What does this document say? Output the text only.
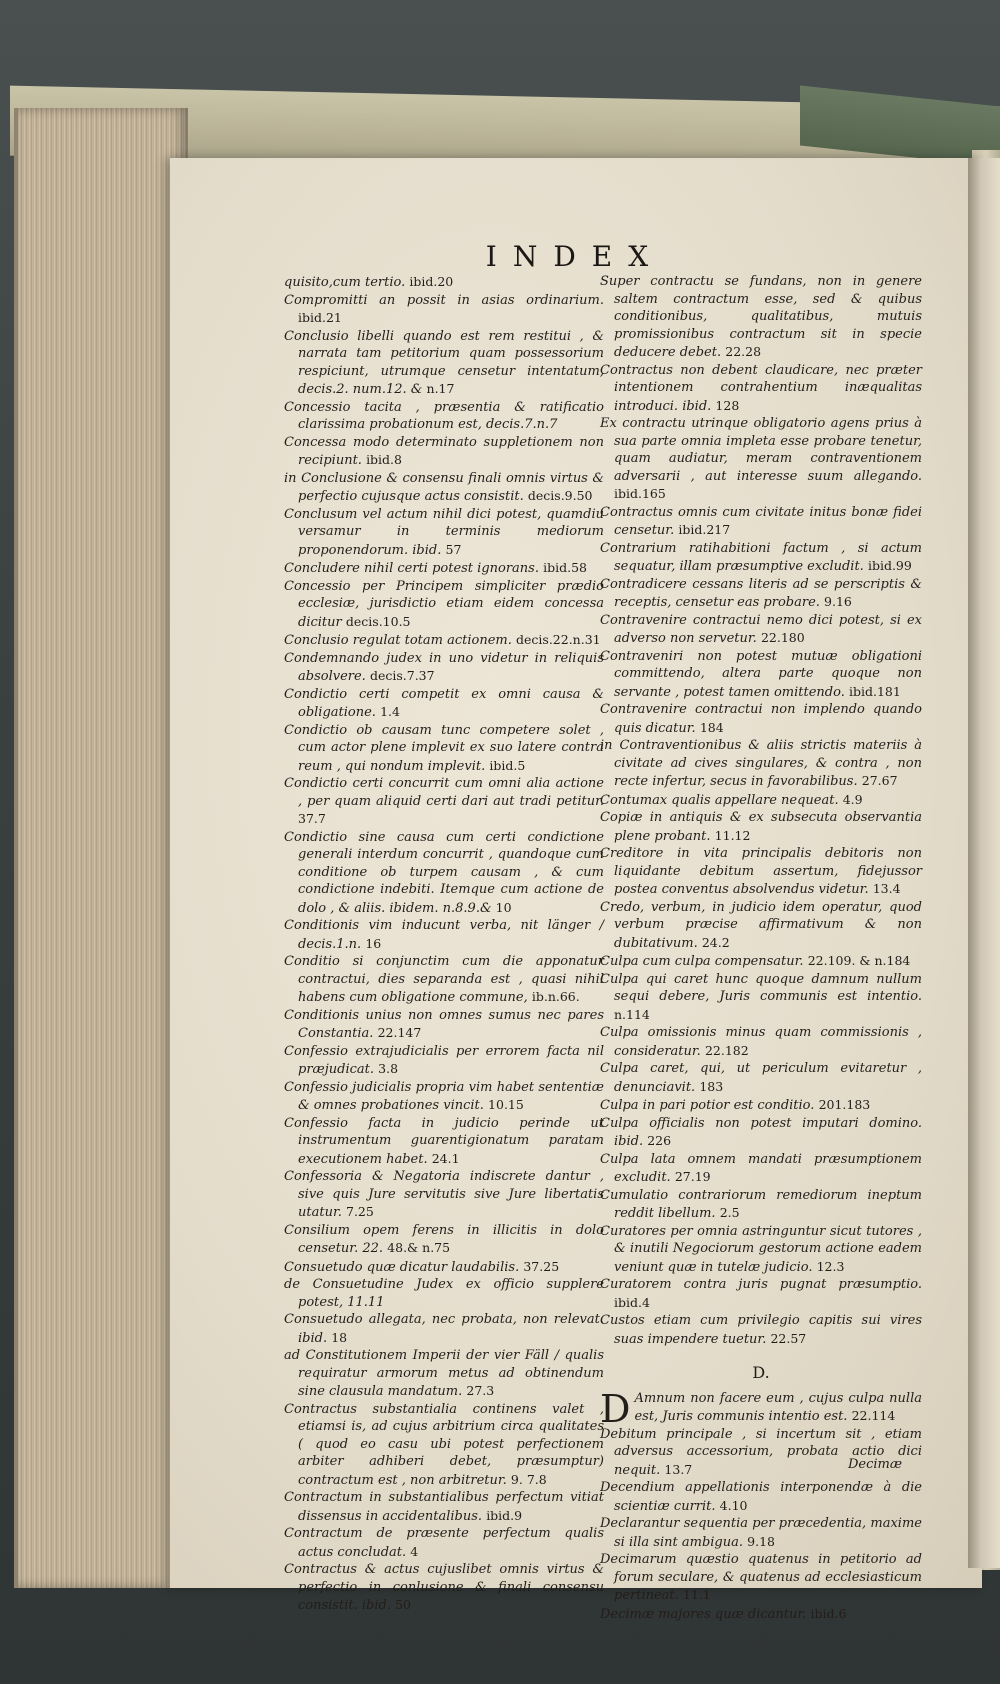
INDEX

quisito,cum tertio. ibid.20

Compromitti an possit in asias ordinarium. ibid.21

Conclusio libelli quando est rem restitui , & narrata tam petitorium quam possessorium respiciunt, utrumque censetur intentatum, decis.2. num.12. & n.17

Concessio tacita , præsentia & ratificatio clarissima probationum est, decis.7.n.7

Concessa modo determinato suppletionem non recipiunt. ibid.8

in Conclusione & consensu finali omnis virtus & perfectio cujusque actus consistit. decis.9.50

Conclusum vel actum nihil dici potest, quamdiu versamur in terminis mediorum proponendorum. ibid. 57

Concludere nihil certi potest ignorans. ibid.58

Concessio per Principem simpliciter prædio ecclesiæ, jurisdictio etiam eidem concessa dicitur decis.10.5

Conclusio regulat totam actionem. decis.22.n.31

Condemnando judex in uno videtur in reliquis absolvere. decis.7.37

Condictio certi competit ex omni causa & obligatione. 1.4

Condictio ob causam tunc competere solet , cum actor plene implevit ex suo latere contra reum , qui nondum implevit. ibid.5

Condictio certi concurrit cum omni alia actione , per quam aliquid certi dari aut tradi petitur. 37.7

Condictio sine causa cum certi condictione generali interdum concurrit , quandoque cum conditione ob turpem causam , & cum condictione indebiti. Itemque cum actione de dolo , & aliis. ibidem. n.8.9.& 10

Conditionis vim inducunt verba, nit länger / decis.1.n. 16

Conditio si conjunctim cum die apponatur contractui, dies separanda est , quasi nihil habens cum obligatione commune, ib.n.66.

Conditionis unius non omnes sumus nec pares Constantia. 22.147

Confessio extrajudicialis per errorem facta nil præjudicat. 3.8

Confessio judicialis propria vim habet sententiæ & omnes probationes vincit. 10.15

Confessio facta in judicio perinde ut instrumentum guarentigionatum paratam executionem habet. 24.1

Confessoria & Negatoria indiscrete dantur , sive quis Jure servitutis sive Jure libertatis utatur. 7.25

Consilium opem ferens in illicitis in dolo censetur. 22. 48.& n.75

Consuetudo quæ dicatur laudabilis. 37.25

de Consuetudine Judex ex officio supplere potest, 11.11

Consuetudo allegata, nec probata, non relevat. ibid. 18

ad Constitutionem Imperii der vier Fäll / qualis requiratur armorum metus ad obtinendum sine clausula mandatum. 27.3

Contractus substantialia continens valet , etiamsi is, ad cujus arbitrium circa qualitates ( quod eo casu ubi potest perfectionem arbiter adhiberi debet, præsumptur) contractum est , non arbitretur. 9. 7.8

Contractum in substantialibus perfectum vitiat dissensus in accidentalibus. ibid.9

Contractum de præsente perfectum qualis actus concludat. 4

Contractus & actus cujuslibet omnis virtus & perfectio in conlusione & finali consensu consistit. ibid. 50

Super contractu se fundans, non in genere saltem contractum esse, sed & quibus conditionibus, qualitatibus, mutuis promissionibus contractum sit in specie deducere debet. 22.28

Contractus non debent claudicare, nec præter intentionem contrahentium inæqualitas introduci. ibid. 128

Ex contractu utrinque obligatorio agens prius à sua parte omnia impleta esse probare tenetur, quam audiatur, meram contraventionem adversarii , aut interesse suum allegando. ibid.165

Contractus omnis cum civitate initus bonæ fidei censetur. ibid.217

Contrarium ratihabitioni factum , si actum sequatur, illam præsumptive excludit. ibid.99

Contradicere cessans literis ad se perscriptis & receptis, censetur eas probare. 9.16

Contravenire contractui nemo dici potest, si ex adverso non servetur. 22.180

Contraveniri non potest mutuæ obligationi committendo, altera parte quoque non servante , potest tamen omittendo. ibid.181

Contravenire contractui non implendo quando quis dicatur. 184

in Contraventionibus & aliis strictis materiis à civitate ad cives singulares, & contra , non recte infertur, secus in favorabilibus. 27.67

Contumax qualis appellare nequeat. 4.9

Copiæ in antiquis & ex subsecuta observantia plene probant. 11.12

Creditore in vita principalis debitoris non liquidante debitum assertum, fidejussor postea conventus absolvendus videtur. 13.4

Credo, verbum, in judicio idem operatur, quod verbum præcise affirmativum & non dubitativum. 24.2

Culpa cum culpa compensatur. 22.109. & n.184

Culpa qui caret hunc quoque damnum nullum sequi debere, Juris communis est intentio. n.114

Culpa omissionis minus quam commissionis , consideratur. 22.182

Culpa caret, qui, ut periculum evitaretur , denunciavit. 183

Culpa in pari potior est conditio. 201.183

Culpa officialis non potest imputari domino. ibid. 226

Culpa lata omnem mandati præsumptionem excludit. 27.19

Cumulatio contrariorum remediorum ineptum reddit libellum. 2.5

Curatores per omnia astringuntur sicut tutores , & inutili Negociorum gestorum actione eadem veniunt quæ in tutelæ judicio. 12.3

Curatorem contra juris pugnat præsumptio. ibid.4

Custos etiam cum privilegio capitis sui vires suas impendere tuetur. 22.57

D.

D Amnum non facere eum , cujus culpa nulla est, Juris communis intentio est. 22.114

Debitum principale , si incertum sit , etiam adversus accessorium, probata actio dici nequit. 13.7

Decendium appellationis interponendæ à die scientiæ currit. 4.10

Declarantur sequentia per præcedentia, maxime si illa sint ambigua. 9.18

Decimarum quæstio quatenus in petitorio ad forum seculare, & quatenus ad ecclesiasticum pertineat. 11.1

Decimæ majores quæ dicantur. ibid.6

Decimæ
